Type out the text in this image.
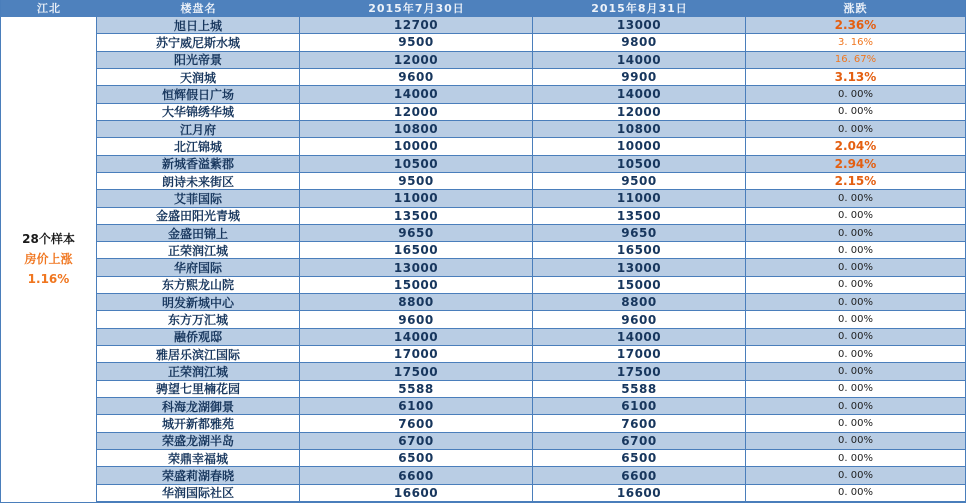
江北	楼盘名	2015年7月30日	2015年8月31日	涨跌
28个样本
房价上涨
1.16%
旭日上城	12700	13000	2.36%
苏宁威尼斯水城	9500	9800	3. 16%
阳光帝景	12000	14000	16. 67%
天润城	9600	9900	3.13%
恒辉假日广场	14000	14000	0. 00%
大华锦绣华城	12000	12000	0. 00%
江月府	10800	10800	0. 00%
北江锦城	10000	10000	2.04%
新城香溢紫郡	10500	10500	2.94%
朗诗未来街区	9500	9500	2.15%
艾菲国际	11000	11000	0. 00%
金盛田阳光青城	13500	13500	0. 00%
金盛田锦上	9650	9650	0. 00%
正荣润江城	16500	16500	0. 00%
华府国际	13000	13000	0. 00%
东方熙龙山院	15000	15000	0. 00%
明发新城中心	8800	8800	0. 00%
东方万汇城	9600	9600	0. 00%
融侨观邸	14000	14000	0. 00%
雅居乐滨江国际	17000	17000	0. 00%
正荣润江城	17500	17500	0. 00%
骋望七里楠花园	5588	5588	0. 00%
科海龙湖御景	6100	6100	0. 00%
城开新都雅苑	7600	7600	0. 00%
荣盛龙湖半岛	6700	6700	0. 00%
荣鼎幸福城	6500	6500	0. 00%
荣盛莉湖春晓	6600	6600	0. 00%
华润国际社区	16600	16600	0. 00%
